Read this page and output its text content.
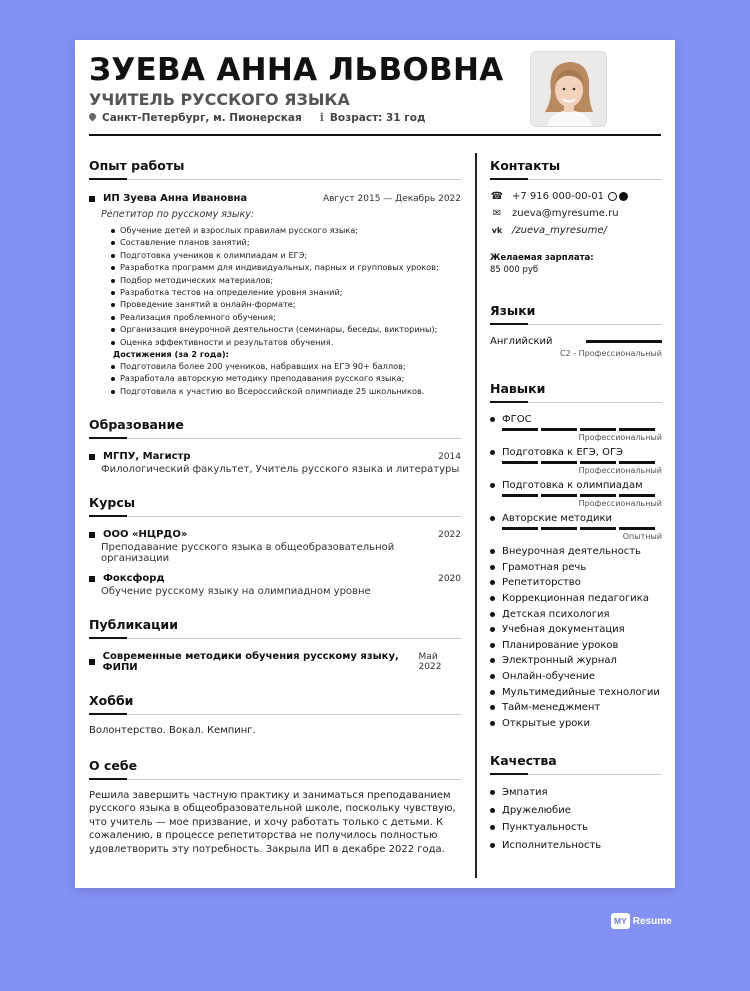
ЗУЕВА АННА ЛЬВОВНА
УЧИТЕЛЬ РУССКОГО ЯЗЫКА
Санкт-Петербург, м. Пионерская i Возраст: 31 год
Опыт работы
ИП Зуева Анна Ивановна	Август 2015 — Декабрь 2022
Репетитор по русскому языку:
Обучение детей и взрослых правилам русского языка;
Составление планов занятий;
Подготовка учеников к олимпиадам и ЕГЭ;
Разработка программ для индивидуальных, парных и групповых уроков;
Подбор методических материалов;
Разработка тестов на определение уровня знаний;
Проведение занятий в онлайн-формате;
Реализация проблемного обучения;
Организация внеурочной деятельности (семинары, беседы, викторины);
Оценка эффективности и результатов обучения.
Достижения (за 2 года):
Подготовила более 200 учеников, набравших на ЕГЭ 90+ баллов;
Разработала авторскую методику преподавания русского языка;
Подготовила к участию во Всероссийской олимпиаде 25 школьников.
Образование
МГПУ, Магистр	2014
Филологический факультет, Учитель русского языка и литературы
Курсы
ООО «НЦРДО»	2022
Преподавание русского языка в общеобразовательной организации
Фоксфорд	2020
Обучение русскому языку на олимпиадном уровне
Публикации
Современные методики обучения русскому языку, ФИПИ
Май 2022
Хобби
Волонтерство. Вокал. Кемпинг.
О себе
Решила завершить частную практику и заниматься преподаванием русского языка в общеобразовательной школе, поскольку чувствую, что учитель — мое призвание, и хочу работать только с детьми. К сожалению, в процессе репетиторства не получилось полностью удовлетворить эту потребность. Закрыла ИП в декабре 2022 года.
Контакты
☎ +7 916 000-00-01
✉ zueva@myresume.ru
vk /zueva_myresume/
Желаемая зарплата:
85 000 руб
Языки
Английский
C2 - Профессиональный
Навыки
ФГОС
Профессиональный
Подготовка к ЕГЭ, ОГЭ
Профессиональный
Подготовка к олимпиадам
Профессиональный
Авторские методики
Опытный
Внеурочная деятельность
Грамотная речь
Репетиторство
Коррекционная педагогика
Детская психология
Учебная документация
Планирование уроков
Электронный журнал
Онлайн-обучение
Мультимедийные технологии
Тайм-менеджмент
Открытые уроки
Качества
Эмпатия
Дружелюбие
Пунктуальность
Исполнительность
MY Resume
